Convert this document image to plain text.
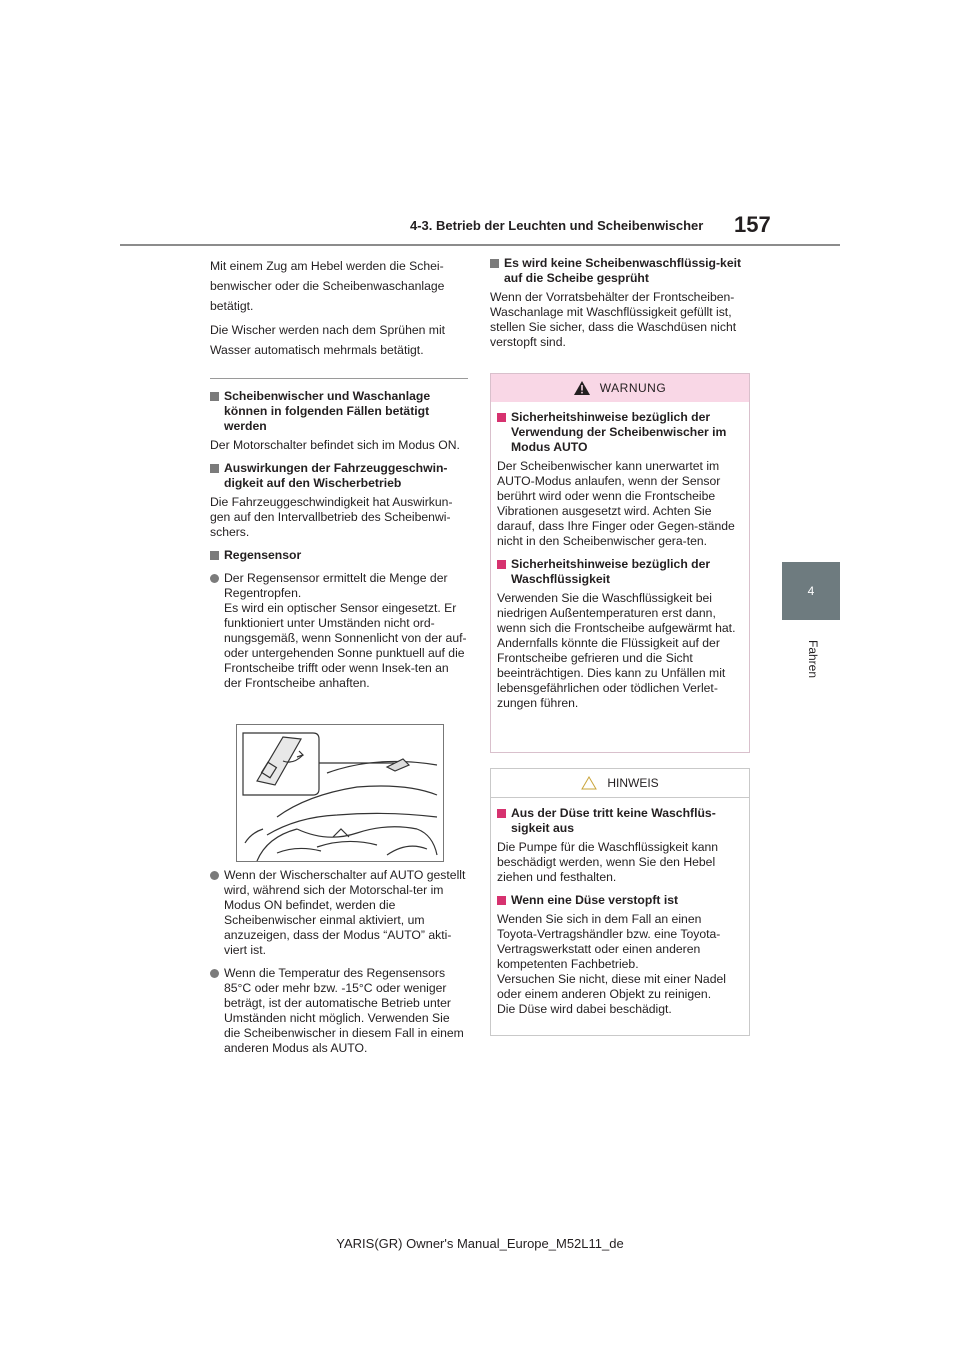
4-3. Betrieb der Leuchten und Scheibenwischer 157
4
Fahren

Mit einem Zug am Hebel werden die Schei-

benwischer oder die Scheibenwaschanlage

betätigt.

Die Wischer werden nach dem Sprühen mit

Wasser automatisch mehrmals betätigt.

Scheibenwischer und Waschanlage können in folgenden Fällen betätigt werden

Der Motorschalter befindet sich im Modus ON.

Auswirkungen der Fahrzeuggeschwin-digkeit auf den Wischerbetrieb

Die Fahrzeuggeschwindigkeit hat Auswirkun-gen auf den Intervallbetrieb des Scheibenwi-schers.

Regensensor
Der Regensensor ermittelt die Menge der Regentropfen.
Es wird ein optischer Sensor eingesetzt. Er funktioniert unter Umständen nicht ord-nungsgemäß, wenn Sonnenlicht von der auf- oder untergehenden Sonne punktuell auf die Frontscheibe trifft oder wenn Insek-ten an der Frontscheibe anhaften.
Wenn der Wischerschalter auf AUTO gestellt wird, während sich der Motorschal-ter im Modus ON befindet, werden die Scheibenwischer einmal aktiviert, um anzuzeigen, dass der Modus “AUTO” akti-viert ist.
Wenn die Temperatur des Regensensors 85°C oder mehr bzw. -15°C oder weniger beträgt, ist der automatische Betrieb unter Umständen nicht möglich. Verwenden Sie die Scheibenwischer in diesem Fall in einem anderen Modus als AUTO.
Es wird keine Scheibenwaschflüssig-keit auf die Scheibe gesprüht

Wenn der Vorratsbehälter der Frontscheiben-Waschanlage mit Waschflüssigkeit gefüllt ist, stellen Sie sicher, dass die Waschdüsen nicht verstopft sind.

WARNUNG
Sicherheitshinweise bezüglich der Verwendung der Scheibenwischer im Modus AUTO

Der Scheibenwischer kann unerwartet im AUTO-Modus anlaufen, wenn der Sensor berührt wird oder wenn die Frontscheibe Vibrationen ausgesetzt wird. Achten Sie darauf, dass Ihre Finger oder Gegen-stände nicht in den Scheibenwischer gera-ten.

Sicherheitshinweise bezüglich der Waschflüssigkeit

Verwenden Sie die Waschflüssigkeit bei niedrigen Außentemperaturen erst dann, wenn sich die Frontscheibe aufgewärmt hat. Andernfalls könnte die Flüssigkeit auf der Frontscheibe gefrieren und die Sicht beeinträchtigen. Dies kann zu Unfällen mit lebensgefährlichen oder tödlichen Verlet-zungen führen.

HINWEIS
Aus der Düse tritt keine Waschflüs-sigkeit aus

Die Pumpe für die Waschflüssigkeit kann beschädigt werden, wenn Sie den Hebel ziehen und festhalten.

Wenn eine Düse verstopft ist
Wenden Sie sich in dem Fall an einen Toyota-Vertragshändler bzw. eine Toyota-Vertragswerkstatt oder einen anderen kompetenten Fachbetrieb.
Versuchen Sie nicht, diese mit einer Nadel oder einem anderen Objekt zu reinigen.
Die Düse wird dabei beschädigt.
YARIS(GR) Owner's Manual_Europe_M52L11_de
